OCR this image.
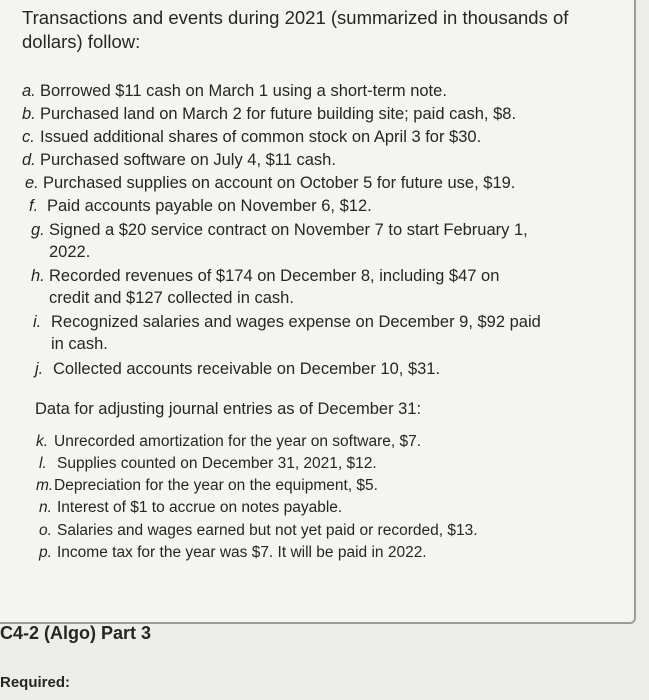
Transactions and events during 2021 (summarized in thousands of dollars) follow:

a. Borrowed $11 cash on March 1 using a short-term note.

b. Purchased land on March 2 for future building site; paid cash, $8.

c. Issued additional shares of common stock on April 3 for $30.

d. Purchased software on July 4, $11 cash.

e. Purchased supplies on account on October 5 for future use, $19.

f. Paid accounts payable on November 6, $12.

g. Signed a $20 service contract on November 7 to start February 1,
2022.

h. Recorded revenues of $174 on December 8, including $47 on
credit and $127 collected in cash.

i. Recognized salaries and wages expense on December 9, $92 paid
in cash.

j. Collected accounts receivable on December 10, $31.

Data for adjusting journal entries as of December 31:

k. Unrecorded amortization for the year on software, $7.

l. Supplies counted on December 31, 2021, $12.

m.Depreciation for the year on the equipment, $5.

n. Interest of $1 to accrue on notes payable.

o. Salaries and wages earned but not yet paid or recorded, $13.

p. Income tax for the year was $7. It will be paid in 2022.

C4-2 (Algo) Part 3

Required:
